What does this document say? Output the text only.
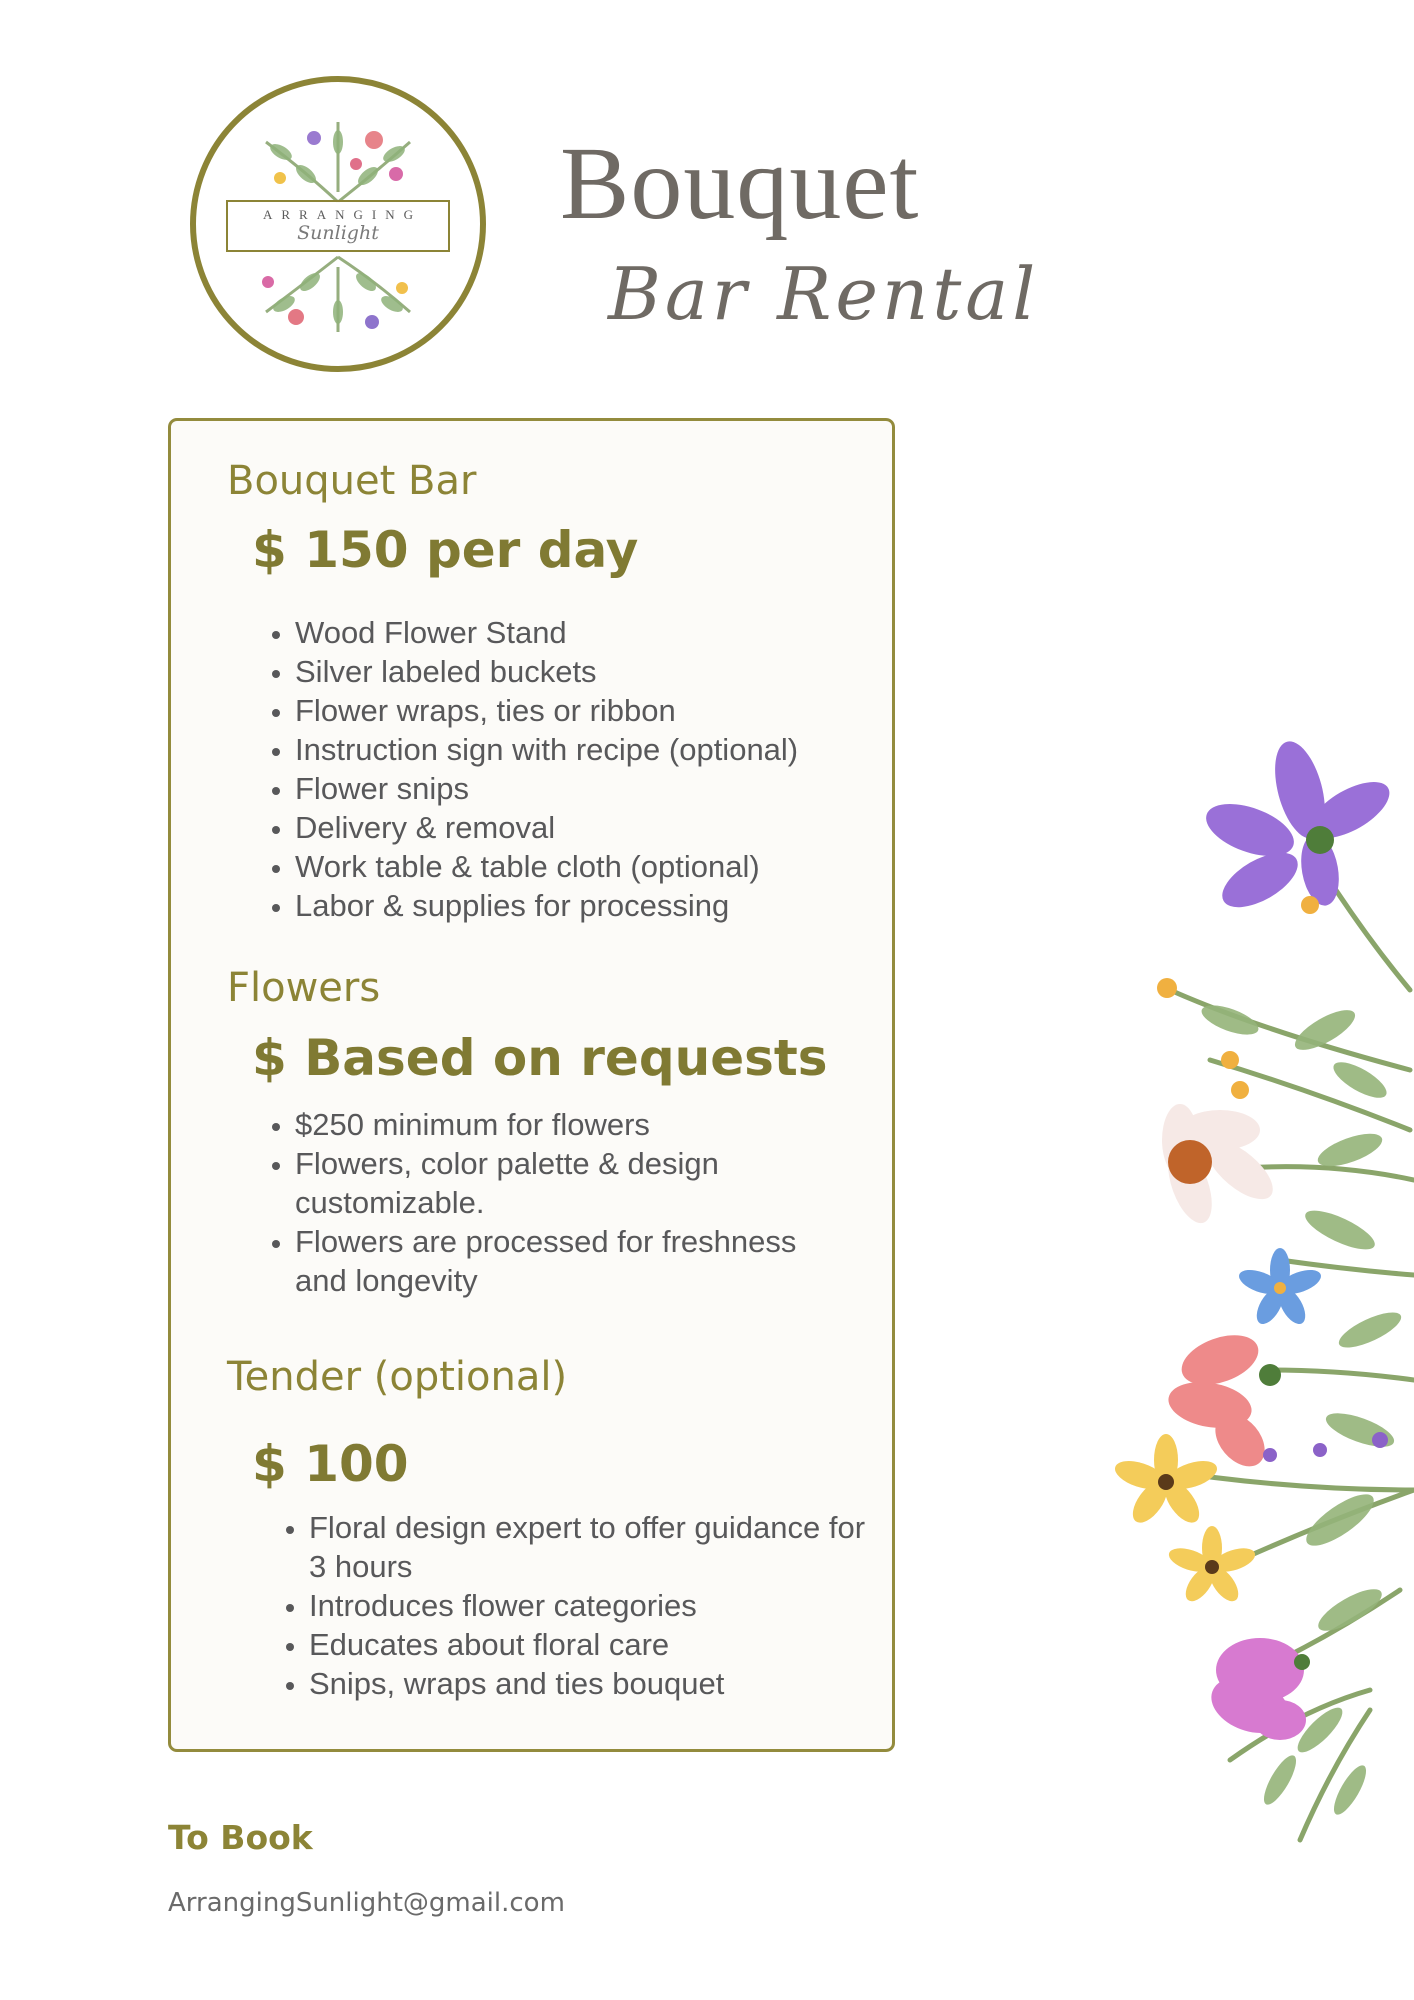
ARRANGING
Sunlight	Bouquet
Bar Rental
Bouquet Bar
$ 150 per day
• Wood Flower Stand
• Silver labeled buckets
• Flower wraps, ties or ribbon
• Instruction sign with recipe (optional)
• Flower snips
• Delivery & removal
• Work table & table cloth (optional)
• Labor & supplies for processing
Flowers
$ Based on requests
• $250 minimum for flowers
• Flowers, color palette & design customizable.
• Flowers are processed for freshness and longevity
Tender (optional)
$ 100
• Floral design expert to offer guidance for 3 hours
• Introduces flower categories
• Educates about floral care
• Snips, wraps and ties bouquet
To Book
ArrangingSunlight@gmail.com
